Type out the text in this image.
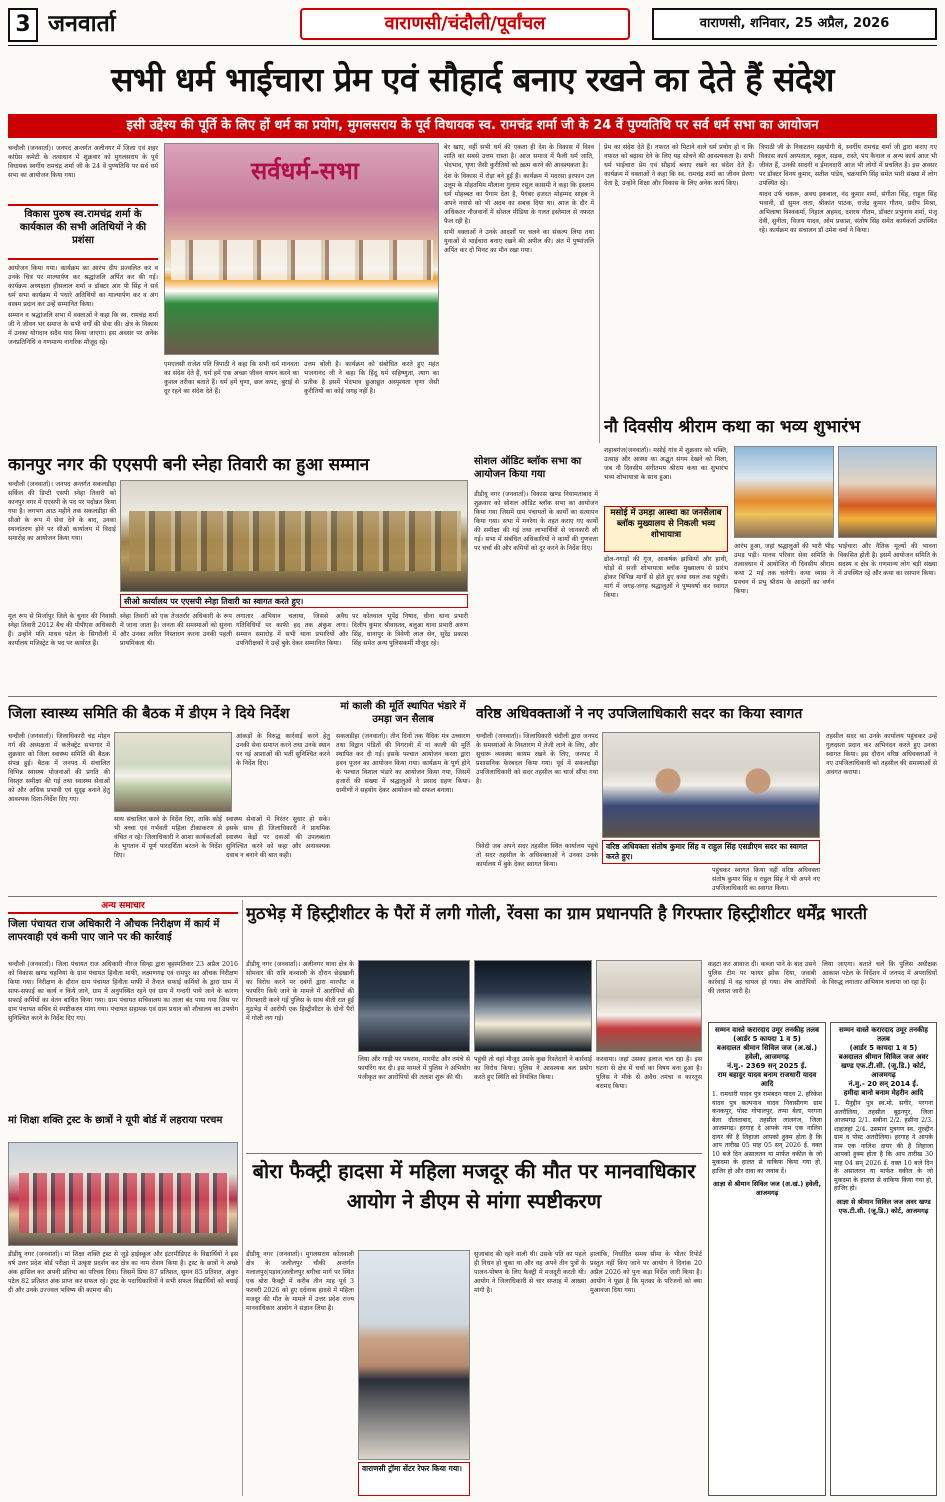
3 जनवार्ता	वाराणसी/चंदौली/पूर्वांचल	वाराणसी, शनिवार, 25 अप्रैल, 2026
सभी धर्म भाईचारा प्रेम एवं सौहार्द बनाए रखने का देते हैं संदेश
इसी उद्देश्य की पूर्ति के लिए हों धर्म का प्रयोग, मुगलसराय के पूर्व विधायक स्व. रामचंद्र शर्मा जी के 24 वें पुण्यतिथि पर सर्व धर्म सभा का आयोजन

चन्दौली (जनवार्ता)। जनपद अन्तर्गत अलीनगर में जिला एवं शहर कांग्रेस कमेटी के तत्वाधान में शुक्रवार को मुगलसराय के पूर्व विधायक स्वर्गीय रामचंद्र शर्मा जी के 24 वें पुण्यतिथि पर सर्व धर्म सभा का आयोजन किया गया।

विकास पुरुष स्व.रामचंद्र शर्मा के कार्यकाल की सभी अतिथियों ने की प्रशंसा

आयोजन किया गया। कार्यक्रम का आरंभ दीप प्रज्वलित कर व उनके चित्र पर माल्यार्पण कर श्रद्धांजलि अर्पित कर की गई। कार्यक्रम अध्यक्षता हौसलाल शर्मा व डॉक्टर आर पी सिंह ने सर्व धर्म सभा कार्यक्रम में पधारे अतिथियों का माल्यार्पण कर व अंग वस्त्रम प्रदान कर उन्हें सम्मानित किया।

सम्मान व श्रद्धांजलि सभा में वक्ताओं ने कहा कि स्व. रामचंद्र शर्मा जी ने जीवन भर समाज के सभी वर्गों की सेवा की। क्षेत्र के विकास में उनका योगदान सदैव याद किया जाएगा। इस अवसर पर अनेक जनप्रतिनिधि व गणमान्य नागरिक मौजूद रहे।

सर्वधर्म-सभा

एमएलसी राजेश पति त्रिपाठी ने कहा कि सभी धर्म मानवता का संदेश देते हैं, धर्म हमें एक अच्छा जीवन यापन करने का कुशल तरीका बताते हैं। धर्म हमें घृणा, छल कपट, बुराई से दूर रहने का संदेश देते हैं।

उत्तम बोली है। कार्यक्रम को संबोधित करते हुए महंत भजनानंद जी ने कहा कि हिंदू धर्म सहिष्णुता, त्याग का प्रतीक है इसमें भेदभाव छुआछूत अस्पृश्यता घृणा जैसी कुरीतियों का कोई जगह नहीं है।

बेर खाए, वहीं सभी धर्म की एकता ही देश के विकास में विश्व शांति का सबसे उत्तम रास्ता है। आज समाज में फैली धर्म जाति, भेदभाव, घृणा जैसी कुरीतियों को ख़त्म करने की आवश्यकता है।

देश के विकास में रोड़ा बने हुई हैं। कार्यक्रम में मदरसा इरफान उल उलूम के मोहतमिम मौलाना गुलाम रसूल कासमी ने कहा कि इस्लाम धर्म मोहब्बत का पैगाम देता है, पैगंबर हजरत मोहम्मद साहब ने अपने नवासे को भी अदब का सबक दिया था। आज के दौर में अधिकतर नौजवानों में सोशल मीडिया के गलत इस्तेमाल से नफरत फैल रही है।

सभी वक्ताओं ने उनके आदर्शों पर चलने का संकल्प लिया तथा युवाओं से भाईचारा बनाए रखने की अपील की। अंत में पुष्पांजलि अर्पित कर दो मिनट का मौन रखा गया।

प्रेम का संदेश देते हैं। नफरत को मिटाने वाले धर्म प्रयोग हो न कि नफरत को बढ़ावा देने के लिए यह सोचने की आवश्यकता है। सभी धर्म भाईचारा प्रेम एवं सौहार्द बनाए रखने का संदेश देते हैं। कार्यक्रम में वक्ताओं ने कहा कि स्व. रामचंद्र शर्मा का जीवन प्रेरणा देता है, उन्होंने शिक्षा और विकास के लिए अनेक कार्य किए।

त्रिपाठी जी के निकटतम सहयोगी थे, स्वर्गीय रामचंद्र शर्मा जी द्वारा कराए गए विकास कार्य अस्पताल, स्कूल, सड़क, रास्ते, पंप कैनाल व अन्य कार्य आज भी जीवंत हैं, उनकी सादगी व ईमानदारी आज भी लोगों में प्रचलित है। इस अवसर पर डॉक्टर विनय कुमार, सतीश पांडेय, चक्रपाणि सिंह समेत भारी संख्या में लोग उपस्थित रहे।

यादव उर्फ चकरू, अवध इकबाल, नंद कुमार शर्मा, संगीता सिंह, राहुल सिंह भवानी, डॉ सुमन लता, श्रीकांत पाठक, राजेंद्र कुमार गौतम, प्रदीप मिश्रा, अभिलाषा विश्वकर्मा, निहाल अहमद, दशरथ गौतम, डॉक्टर प्रभुनाथ शर्मा, मंजू देवी, सुनीता, विजय यादव, ओम प्रकाश, संतोष सिंह समेत कार्यकर्ता उपस्थित रहे। कार्यक्रम का संचालन डॉ उमेश वर्मा ने किया।

सोशल ऑडिट ब्लॉक सभा का आयोजन किया गया

डीडीयू नगर (जनवार्ता)। विकास खण्ड नियामताबाद में शुक्रवार को सोशल ऑडिट ब्लॉक सभा का आयोजन किया गया जिसमें ग्राम पंचायतों के कार्यों का सत्यापन किया गया। सभा में मनरेगा के तहत कराए गए कार्यों की समीक्षा की गई तथा लाभार्थियों से जानकारी ली गई। सभा में संबंधित अधिकारियों ने कार्यों की गुणवत्ता पर चर्चा की और कमियों को दूर करने के निर्देश दिए।

नौ दिवसीय श्रीराम कथा का भव्य शुभारंभ

शहाबगंज(जनवार्ता)। मसोई गांव में शुक्रवार को भक्ति, उत्साह और आस्था का अद्भुत संगम देखने को मिला, जब नौ दिवसीय संगीतमय श्रीराम कथा का शुभारंभ भव्य शोभायात्रा के साथ हुआ।

मसोई में उमड़ा आस्था का जनसैलाब ब्लॉक मुख्यालय से निकली भव्य शोभायात्रा

ढोल-नगाड़ों की गूंज, आकर्षक झांकियों और हाथी, घोड़ों से सजी शोभायात्रा ब्लॉक मुख्यालय से प्रारंभ होकर विभिन्न मार्गों से होते हुए कथा स्थल तक पहुंची। मार्ग में जगह-जगह श्रद्धालुओं ने पुष्पवर्षा कर स्वागत किया।

आरंभ हुआ, जहां श्रद्धालुओं की भारी भीड़ उमड़ पड़ी। मानस परिवार सेवा समिति के तत्वावधान में आयोजित नौ दिवसीय श्रीराम कथा 2 मई तक चलेगी। कथा व्यास ने प्रवचन में प्रभु श्रीराम के आदर्शों का वर्णन किया।

भाईचारा और नैतिक मूल्यों की भावना विकसित होती है। इसमें आयोजन समिति के सदस्य व क्षेत्र के गणमान्य लोग बड़ी संख्या में उपस्थित रहे और कथा का रसपान किया।

कानपुर नगर की एएसपी बनी स्नेहा तिवारी का हुआ सम्मान

चन्दौली (जनवार्ता)। जनपद अन्तर्गत सकलडीहा सर्किल की डिप्टी एसपी स्नेहा तिवारी को कानपुर नगर में एएसपी के पद पर पदोन्नत किया गया है। लगभग आठ महीने तक सकलडीहा की सीओ के रूप में सेवा देने के बाद, उनका स्थानांतरण होने पर सीओ कार्यालय में विदाई समारोह का आयोजन किया गया।

सीओ कार्यालय पर एएसपी स्नेहा तिवारी का स्वागत करते हुए।

मूल रूप से मिर्जापुर जिले के चुनार की निवासी स्नेहा तिवारी 2012 बैच की पीपीएस अधिकारी हैं। उन्होंने पति माधव पटेल के सिगरौली में कार्यालय मजिस्ट्रेट के पद पर कार्यरत हैं।

स्नेहा तिवारी को एक तेजतर्रार अधिकारी के रूप में जाना जाता है। जनता की समस्याओं को सुनना और उनका त्वरित निस्तारण करना उनकी पहली प्राथमिकता थी।

लगातार अभियान चलाया, जिससे अवैध गतिविधियों पर काफी हद तक अंकुश लगा। सम्मान समारोह में सभी थाना प्रभारियों और उपनिरीक्षकों ने उन्हें बुके देकर सम्मानित किया।

पर कोतवाल भूपेंद्र निषाद, धीना थाना प्रभारी दिलीप कुमार श्रीवास्तव, बलुआ थाना प्रभारी अरुण सिंह, धानापुर के त्रिवेणी लाल सेन, सुरेंद्र प्रकाश सिंह समेत अन्य पुलिसकर्मी मौजूद रहे।

जिला स्वास्थ्य समिति की बैठक में डीएम ने दिये निर्देश

चन्दौली (जनवार्ता)। जिलाधिकारी चंद्र मोहन गर्ग की अध्यक्षता में कलेक्ट्रेट सभागार में शुक्रवार को जिला स्वास्थ्य समिति की बैठक संपन्न हुई। बैठक में जनपद में संचालित विभिन्न स्वास्थ्य योजनाओं की प्रगति की विस्तृत समीक्षा की गई तथा स्वास्थ्य सेवाओं को और अधिक प्रभावी एवं सुदृढ़ बनाने हेतु आवश्यक दिशा-निर्देश दिए गए।

आंकड़ों के विरुद्ध कार्रवाई करने हेतु उनकी सेवा समाप्त करने तथा उनके स्थान पर नई आशाओं की भर्ती सुनिश्चित करने के निर्देश दिए।

साथ संचालित करने के निर्देश दिए, ताकि कोई भी बच्चा एवं गर्भवती महिला टीकाकरण से वंचित न रहे। जिलाधिकारी ने आशा कार्यकर्ताओं के भुगतान में पूर्ण पारदर्शिता बरतने के निर्देश दिए।

स्वास्थ्य सेवाओं में निरंतर सुधार हो सके। इसके साथ ही जिलाधिकारी ने प्राथमिक स्वास्थ्य केंद्रों पर दवाओं की उपलब्धता सुनिश्चित करने को कहा और अनावश्यक दवाब न बनाने की बात कही।

मां काली की मूर्ति स्थापित भंडारे में उमड़ा जन सैलाब

सकलडीहा (जनवार्ता)। तीन दिनों तक वैदिक मंत्र उच्चारण तथा विद्वान पंडितों की निगरानी में मां काली की मूर्ति स्थापित कर दी गई। इसके पश्चात आयोजन करता द्वारा हवन पूजन का आयोजन किया गया। कार्यक्रम के पूर्ण होने के पश्चात विशाल भंडारे का आयोजन किया गया, जिसमें हजारों की संख्या में श्रद्धालुओं ने प्रसाद ग्रहण किया। ग्रामीणों ने सहयोग देकर आयोजन को सफल बनाया।

वरिष्ठ अधिवक्ताओं ने नए उपजिलाधिकारी सदर का किया स्वागत

चन्दौली (जनवार्ता)। जिलाधिकारी चंदौली द्वारा जनपद के समस्याओं के निस्तारण में तेजी लाने के लिए, और सुचारू व्यवस्था कायम रखने के लिए, जनपद में प्रशासनिक फेरबदल किया गया। पूर्व में सकलडीहा उपजिलाधिकारी को सदर तहसील का चार्ज सौंपा गया है।

वरिष्ठ अधिवक्ता संतोष कुमार सिंह व राहुल सिंह एसडीएम सदर का स्वागत करते हुए।

त्रिवेदी जब अपने सदर तहसील स्थित कार्यालय पहुंचे तो सदर तहसील के अधिवक्ताओं ने उनका उनके कार्यालय में बुके देकर स्वागत किया।

तहसील सदर का उनके कार्यालय पहुंचकर उन्हें गुलदस्ता प्रदान कर अभिनंदन करते हुए उनका स्वागत किया। इस दौरान वरिष्ठ अधिवक्ताओं ने नए उपजिलाधिकारी को तहसील की समस्याओं से अवगत कराया।

पहुंचकर स्वागत किया वहीं वरिष्ठ अधिवक्ता संतोष कुमार सिंह व राहुल सिंह ने भी अपने नए उपजिलाधिकारी का स्वागत किया।

अन्य समाचार
जिला पंचायत राज अधिकारी ने औचक निरीक्षण में कार्य में लापरवाही एवं कमी पाए जाने पर की कार्रवाई

चन्दौली (जनवार्ता)। जिला पंचायत राज अधिकारी नीरज सिन्हा द्वारा बृहस्पतिवार 23 अप्रैल 2016 को विकास खण्ड चहनियां के ग्राम पंचायत हिनौता माफी, लक्ष्मणगढ़ एवं रामपुर का औचक निरीक्षण किया गया। निरीक्षण के दौरान ग्राम पंचायत हिनौता माफी में तैनात सफाई कर्मियों के द्वारा ग्राम में साफ-सफाई का कार्य न किये जाने, ग्राम में अनुपस्थित रहने एवं ग्राम में गन्दगी पाये जाने के कारण सफाई कर्मियों का वेतन बाधित किया गया। ग्राम पंचायत सचिवालय का ताला बंद पाया गया जिस पर ग्राम पंचायत सचिव से स्पष्टीकरण मांगा गया। पंचायत सहायक एवं ग्राम प्रधान को शौचालय का उपयोग सुनिश्चित करने के निर्देश दिए गए।

मां शिक्षा शक्ति ट्रस्ट के छात्रों ने यूपी बोर्ड में लहराया परचम

डीडीयू नगर (जनवार्ता)। मां शिक्षा शक्ति ट्रस्ट से जुड़े हाईस्कूल और इंटरमीडिएट के विद्यार्थियों ने इस वर्ष उत्तर प्रदेश बोर्ड परीक्षा में उत्कृष्ट प्रदर्शन कर क्षेत्र का नाम रोशन किया है। ट्रस्ट के छात्रों ने अच्छे अंक हासिल कर अपनी प्रतिभा का परिचय दिया। जिसमें प्रिया 87 प्रतिशत, सुमन 85 प्रतिशत, अंकुर पटेल 82 प्रतिशत अंक प्राप्त कर सफल रहे। ट्रस्ट के पदाधिकारियों ने सभी सफल विद्यार्थियों को बधाई दी और उनके उज्ज्वल भविष्य की कामना की।

मुठभेड़ में हिस्ट्रीशीटर के पैरों में लगी गोली, रेंवसा का ग्राम प्रधानपति है गिरफ्तार हिस्ट्रीशीटर धर्मेंद्र भारती

डीडीयू नगर (जनवार्ता)। अलीनगर थाना क्षेत्र के सोमवार की रात्रि कव्वाली के दौरान छेड़खानी का विरोध करने पर दबंगों द्वारा मारपीट व फायरिंग किये जाने के मामले में आरोपियों की गिरफ्तारी करने गई पुलिस के साथ बीती रात हुई मुठभेड़ में आरोपी एक हिस्ट्रीशीटर के दोनों पैरों में गोली लग गई।

लिया और गाड़ी पर पथराव, मारपीट और तमंचे से फायरिंग कर दी। इस मामले में पुलिस ने अभियोग पंजीकृत कर आरोपियों की तलाश शुरू की थी।

पहुंची तो वहां मौजूद उसके कुछ रिश्तेदारों ने कार्रवाई का विरोध किया। पुलिस ने आवश्यक बल प्रयोग करते हुए स्थिति को नियंत्रित किया।

करवाया। जहां उसका इलाज चल रहा है। इस घटना से क्षेत्र में चर्चा का विषय बना हुआ है। पुलिस ने मौके से अवैध तमंचा व कारतूस बरामद किया।

कहटा कर आवाज दी। कब्जा पाने के बाद उसने पुलिस टीम पर फायर झोंक दिया, जवाबी कार्रवाई में वह घायल हो गया। शेष आरोपियों की तलाश जारी है।

लिया जाएगा। बताते चलें कि पुलिस अधीक्षक आकाश पटेल के निर्देशन में जनपद में अपराधियों के विरुद्ध लगातार अभियान चलाया जा रहा है।

सम्मन वास्ते करारदाद उमूर तनकीह तलब
(आर्डर 5 कायदा 1 व 5)
बअदालत श्रीमान सिविल जज (अ.खं.) हवेली, आजमगढ़
नं.मु.- 2369 सन् 2025 ई.
राम बहादुर यादव बनाम राजधारी यादव आदि
1. रामधारी यादव पुत्र रामबदन यादव 2. हरिकेश यादव पुत्र कल्पनाथ यादव निवासीगण ग्राम कनकपुर, पोस्ट गोपालपुर, तप्पा बेला, परगना बेला दौलताबाद, तहसील लालगंज, जिला आजमगढ़। हरगाह दे आपके नाम एक नालिश दायर की है लिहाजा आपको हुक्म होता है कि आप तारीख 05 माह 05 सन् 2026 ई. वक्त 10 बजे दिन असालतन या मार्फत वकील के जो मुकदमा के हालत से वाकिफ किया गया हो, हाजिर हो और दावा का जवाब दें।
आज्ञा से श्रीमान सिविल जज (अ.खं.) हवेली, आजमगढ़
सम्मन वास्ते करारदाद उमूर तनकीह तलब
(आर्डर 5 कायदा 1 व 5)
बअदालत श्रीमान सिविल जज अवर खण्ड एफ.टी.सी. (जू.डि.) कोर्ट, आजमगढ़
नं.मु.- 20 सन् 2014 ई.
हमीदा बानो बनाम मेहरीन आदि
1. मैनुद्दीन पुत्र स्व.मो. सगीर, परगना अतरौलिया, तहसील बूढ़नपुर, जिला आजमगढ़ 2/1. सबीना 2/2. हसीना 2/3. शाहजहां 2/4. उसमान पुत्रगण स्व. नूरुद्दीन ग्राम व पोस्ट अतरौलिया। हरगाह ने आपके नाम एक नालिश दायर की है लिहाजा आपको हुक्म होता है कि आप तारीख 30 माह 04 सन् 2026 ई. वक्त 10 बजे दिन के असालतन या मार्फत वकील के जो मुकदमा के हालात से वाकिफ किया गया हो, हाजिर हो।
आज्ञा से श्रीमान सिविल जज अवर खण्ड एफ.टी.सी. (जू.डि.) कोर्ट, आजमगढ़
बोरा फैक्ट्री हादसा में महिला मजदूर की मौत पर मानवाधिकार आयोग ने डीएम से मांगा स्पष्टीकरण

डीडीयू नगर (जनवार्ता)। मुगलसराय कोतवाली क्षेत्र के जलीलपुर चौकी अन्तर्गत मलालपुर(पड़ाव)जलीलपुर बगीचा मार्ग पर स्थित एक बोरा फैक्ट्री में करीब तीन माह पूर्व 3 फरवरी 2026 को हुए दर्दनाक हादसे में महिला मजदूर की मौत के मामले में उत्तर प्रदेश राज्य मानवाधिकार आयोग ने संज्ञान लिया है।

वाराणसी ट्रॉमा सेंटर रेफर किया गया।

सुजाबाद की रहने वाली थी। उसके पति का पहले ही निधन हो चुका था और वह अपने तीन पुत्रों के पालन-पोषण के लिए फैक्ट्री में मजदूरी करती थी। आयोग ने जिलाधिकारी से चार सप्ताह में आख्या मांगी है।

हालांकि, निर्धारित समय सीमा के भीतर रिपोर्ट प्रस्तुत नहीं किए जाने पर आयोग ने दिनांक 20 अप्रैल 2026 को पुनः कड़ा निर्देश जारी किया है। आयोग ने पूछा है कि मृतका के परिजनों को क्या मुआवजा दिया गया।
